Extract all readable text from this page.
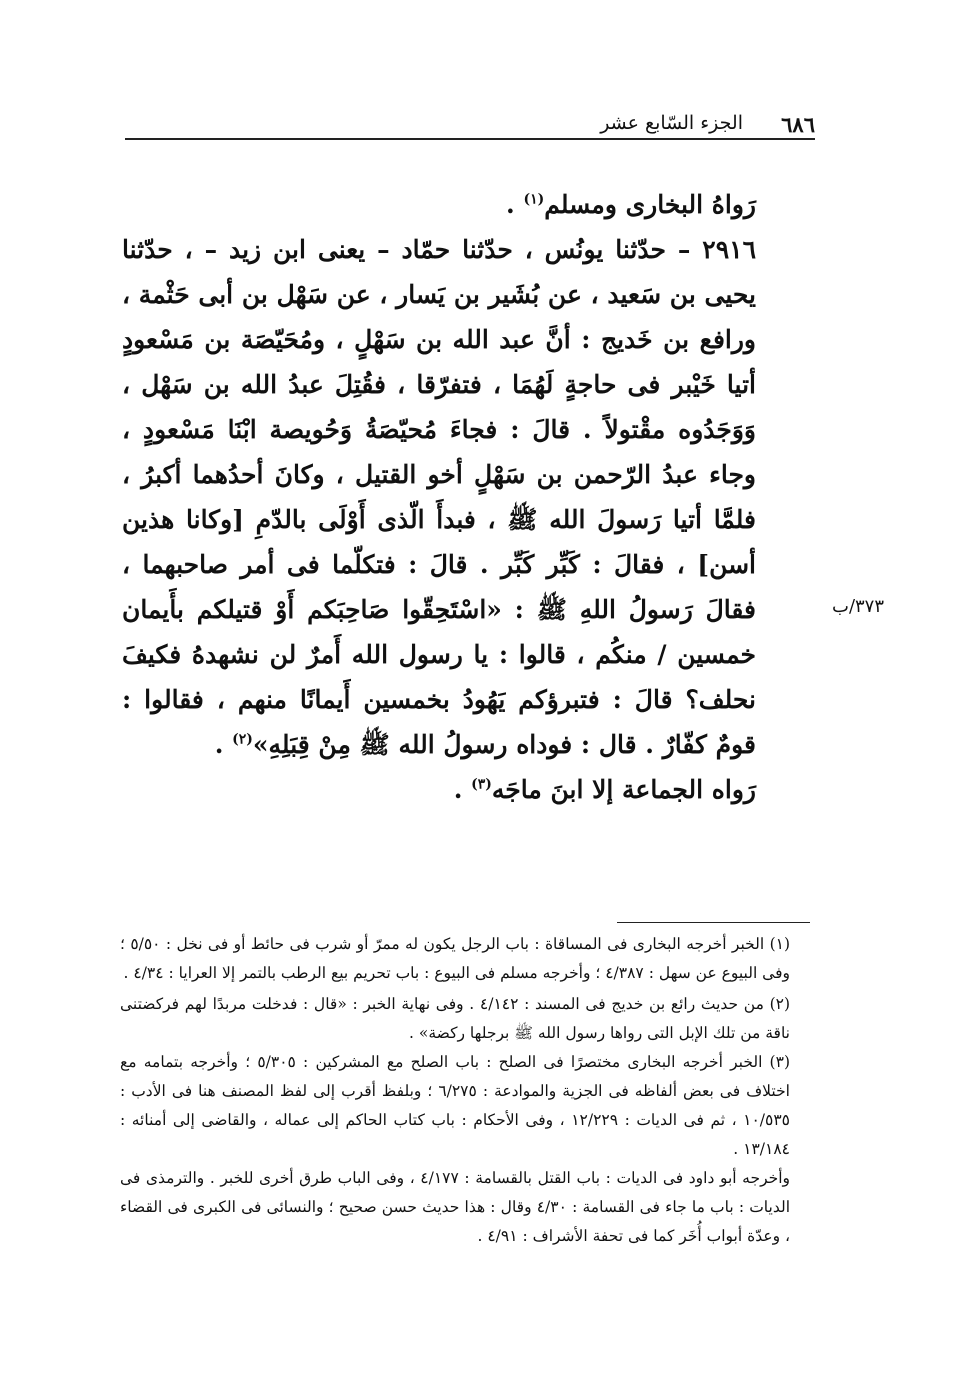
٦٨٦
الجزء السّابع عشر

رَواهُ البخارى ومسلم$^{(١)}$ .

٢٩١٦ – حدّثنا يونُس ، حدّثنا حمّاد – يعنى ابن زيد – ، حدّثنا يحيى بن سَعيد ، عن بُشَير بن يَسار ، عن سَهْل بن أبى حَثْمة ، ورافع بن خَديج : أنَّ عبد الله بن سَهْلٍ ، ومُحَيّصَة بن مَسْعودٍ أتيا خَيْبر فى حاجةٍ لَهُمَا ، فتفرّقا ، فقُتِلَ عبدُ الله بن سَهْل ، وَوَجَدُوه مقْتولاً . قالَ : فجاءَ مُحيّصَةُ وَحُويصة ابْنَا مَسْعودٍ ، وجاء عبدُ الرّحمن بن سَهْلٍ أخو القتيل ، وكانَ أحدُهما أكبرُ ، فلمَّا أتيا رَسولَ الله ﷺ ، فبدأَ الّذى أَوْلَى بالدّمِ [وكانا هذين أسن] ، فقالَ : كَبِّر كَبِّر . قالَ : فتكلّما فى أمر صاحبهما ، فقالَ رَسولُ اللهِ ﷺ : «اسْتَحِقّوا صَاحِبَكم أَوْ قتيلكم بأَيمان خمسين / منكُم ، قالوا : يا رسول الله أَمرٌ لن نشهدهُ فكيفَ نحلف؟ قالَ : فتبرؤكم يَهُودُ بخمسين أَيمانًا منهم ، فقالوا : قومٌ كفّارٌ . قال : فوداه رسولُ الله ﷺ مِنْ قِبَلِهِ»$^{(٢)}$ .

رَواه الجماعة إلا ابنَ ماجَه$^{(٣)}$ .

٣٧٣/ب

(١) الخبر أخرجه البخارى فى المساقاة : باب الرجل يكون له ممرّ أو شرب فى حائط أو فى نخل : ٥/٥٠ ؛ وفى البيوع عن سهل : ٤/٣٨٧ ؛ وأخرجه مسلم فى البيوع : باب تحريم بيع الرطب بالتمر إلا العرايا : ٤/٣٤ .

(٢) من حديث رائع بن خديج فى المسند : ٤/١٤٢ . وفى نهاية الخبر : «قال : فدخلت مربدًا لهم فركضتنى ناقة من تلك الإبل التى رواها رسول الله ﷺ برجلها ركضة» .

(٣) الخبر أخرجه البخارى مختصرًا فى الصلح : باب الصلح مع المشركين : ٥/٣٠٥ ؛ وأخرجه بتمامه مع اختلاف فى بعض ألفاظه فى الجزية والموادعة : ٦/٢٧٥ ؛ وبلفظ أقرب إلى لفظ المصنف هنا فى الأدب : ١٠/٥٣٥ ، ثم فى الديات : ١٢/٢٢٩ ، وفى الأحكام : باب كتاب الحاكم إلى عماله ، والقاضى إلى أمنائه : ١٣/١٨٤ .

وأخرجه أبو داود فى الديات : باب القتل بالقسامة : ٤/١٧٧ ، وفى الباب طرق أخرى للخبر . والترمذى فى الديات : باب ما جاء فى القسامة : ٤/٣٠ وقال : هذا حديث حسن صحيح ؛ والنسائى فى الكبرى فى القضاء ، وعدّة أبواب أُخَر كما فى تحفة الأشراف : ٤/٩١ .
